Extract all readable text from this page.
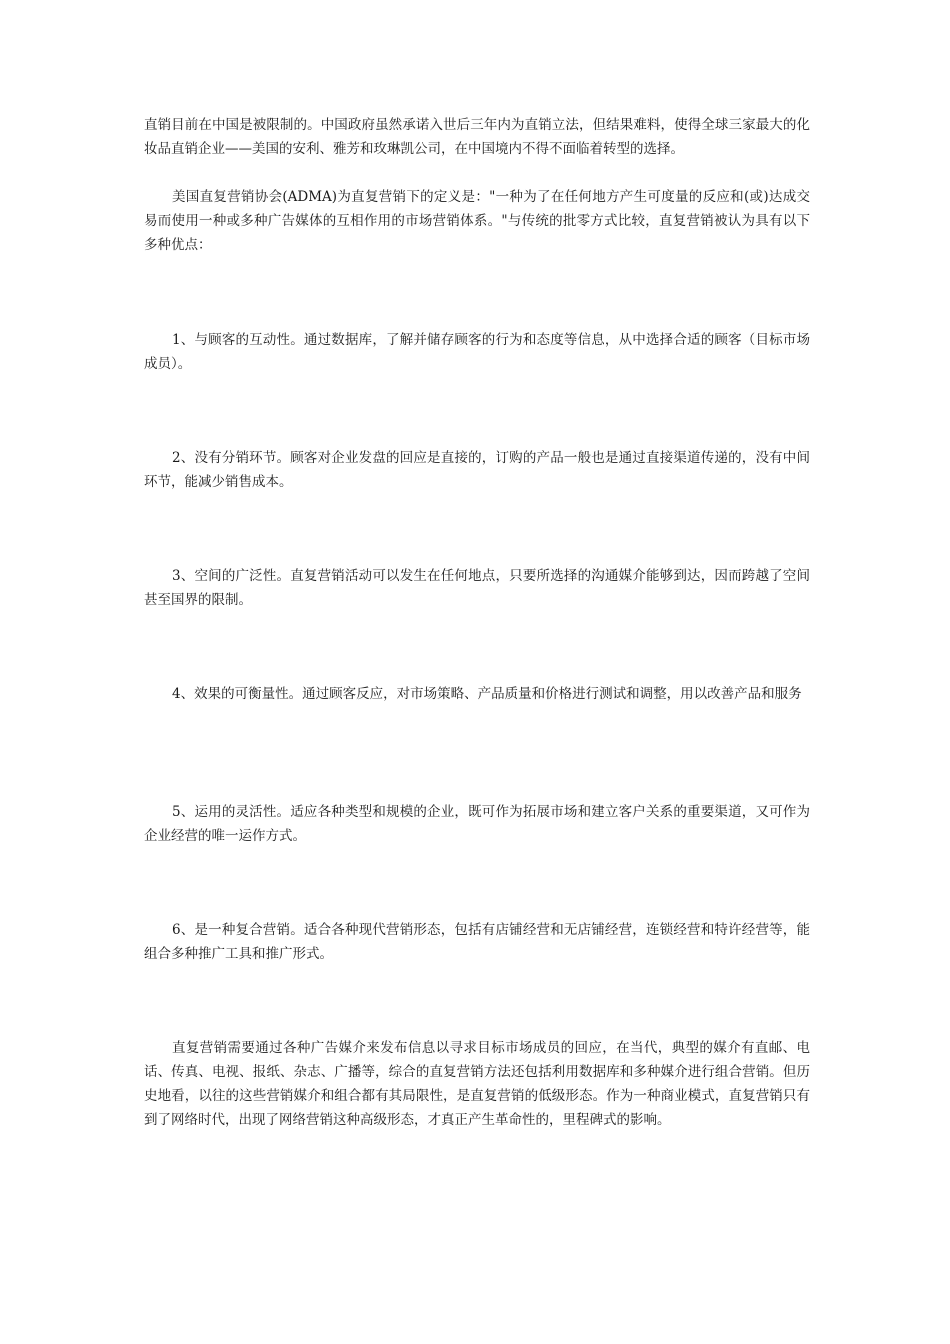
直销目前在中国是被限制的。中国政府虽然承诺入世后三年内为直销立法，但结果难料，使得全球三家最大的化妆品直销企业——美国的安利、雅芳和玫琳凯公司，在中国境内不得不面临着转型的选择。

美国直复营销协会(ADMA)为直复营销下的定义是："一种为了在任何地方产生可度量的反应和(或)达成交易而使用一种或多种广告媒体的互相作用的市场营销体系。"与传统的批零方式比较，直复营销被认为具有以下多种优点：

1、与顾客的互动性。通过数据库，了解并储存顾客的行为和态度等信息，从中选择合适的顾客（目标市场成员）。

2、没有分销环节。顾客对企业发盘的回应是直接的，订购的产品一般也是通过直接渠道传递的，没有中间环节，能减少销售成本。

3、空间的广泛性。直复营销活动可以发生在任何地点，只要所选择的沟通媒介能够到达，因而跨越了空间甚至国界的限制。

4、效果的可衡量性。通过顾客反应，对市场策略、产品质量和价格进行测试和调整，用以改善产品和服务

5、运用的灵活性。适应各种类型和规模的企业，既可作为拓展市场和建立客户关系的重要渠道，又可作为企业经营的唯一运作方式。

6、是一种复合营销。适合各种现代营销形态，包括有店铺经营和无店铺经营，连锁经营和特许经营等，能组合多种推广工具和推广形式。

直复营销需要通过各种广告媒介来发布信息以寻求目标市场成员的回应，在当代，典型的媒介有直邮、电话、传真、电视、报纸、杂志、广播等，综合的直复营销方法还包括利用数据库和多种媒介进行组合营销。但历史地看，以往的这些营销媒介和组合都有其局限性，是直复营销的低级形态。作为一种商业模式，直复营销只有到了网络时代，出现了网络营销这种高级形态，才真正产生革命性的，里程碑式的影响。
